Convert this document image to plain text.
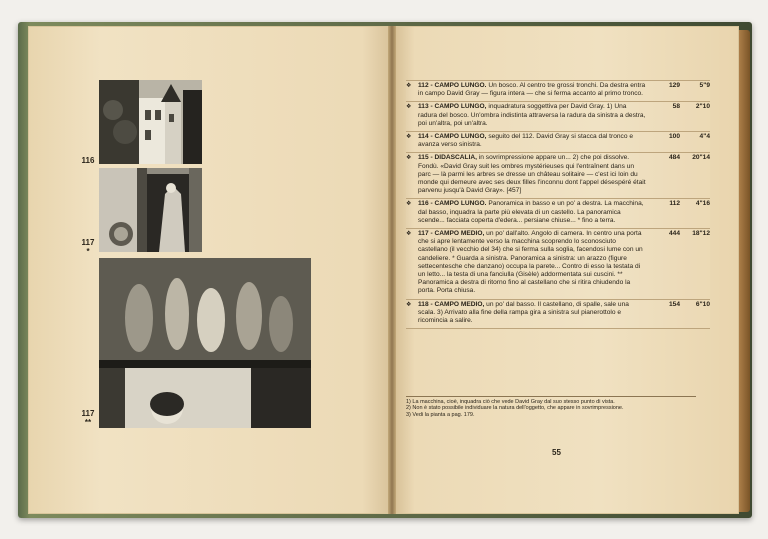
116

117
*
117
**
❖ 112 - CAMPO LUNGO. Un bosco. Al centro tre grossi tronchi. Da destra entra in campo David Gray — figura intera — che si ferma accanto al primo tronco.
129	5"9
❖ 113 - CAMPO LUNGO, inquadratura soggettiva per David Gray. 1) Una radura del bosco. Un'ombra indistinta attraversa la radura da sinistra a destra, poi un'altra, poi un'altra.
58	2"10
❖ 114 - CAMPO LUNGO, seguito del 112. David Gray si stacca dal tronco e avanza verso sinistra.
100	4"4
❖ 115 - DIDASCALIA, in sovrimpressione appare un... 2) che poi dissolve. Fondù. «David Gray suit les ombres mystérieuses qui l'entraînent dans un parc — là parmi les arbres se dresse un château solitaire — c'est ici loin du monde qui demeure avec ses deux filles l'inconnu dont l'appel désespéré était parvenu jusqu'à David Gray». [457]
484	20"14
❖ 116 - CAMPO LUNGO. Panoramica in basso e un po' a destra. La macchina, dal basso, inquadra la parte più elevata di un castello. La panoramica scende... facciata coperta d'edera... persiane chiuse... * fino a terra.
112	4"16
❖ 117 - CAMPO MEDIO, un po' dall'alto. Angolo di camera. In centro una porta che si apre lentamente verso la macchina scoprendo lo sconosciuto castellano (il vecchio del 34) che si ferma sulla soglia, facendosi lume con un candeliere. * Guarda a sinistra. Panoramica a sinistra: un arazzo (figure settecentesche che danzano) occupa la parete... Contro di esso la testata di un letto... la testa di una fanciulla (Gisèle) addormentata sui cuscini. ** Panoramica a destra di ritorno fino al castellano che si ritira chiudendo la porta. Porta chiusa.
444	18"12
❖ 118 - CAMPO MEDIO, un po' dal basso. Il castellano, di spalle, sale una scala. 3) Arrivato alla fine della rampa gira a sinistra sul pianerottolo e ricomincia a salire.
154	6"10
1) La macchina, cioè, inquadra ciò che vede David Gray dal suo stesso punto di vista.
2) Non è stato possibile individuare la natura dell'oggetto, che appare in sovrimpressione.
3) Vedi la pianta a pag. 179.
55
